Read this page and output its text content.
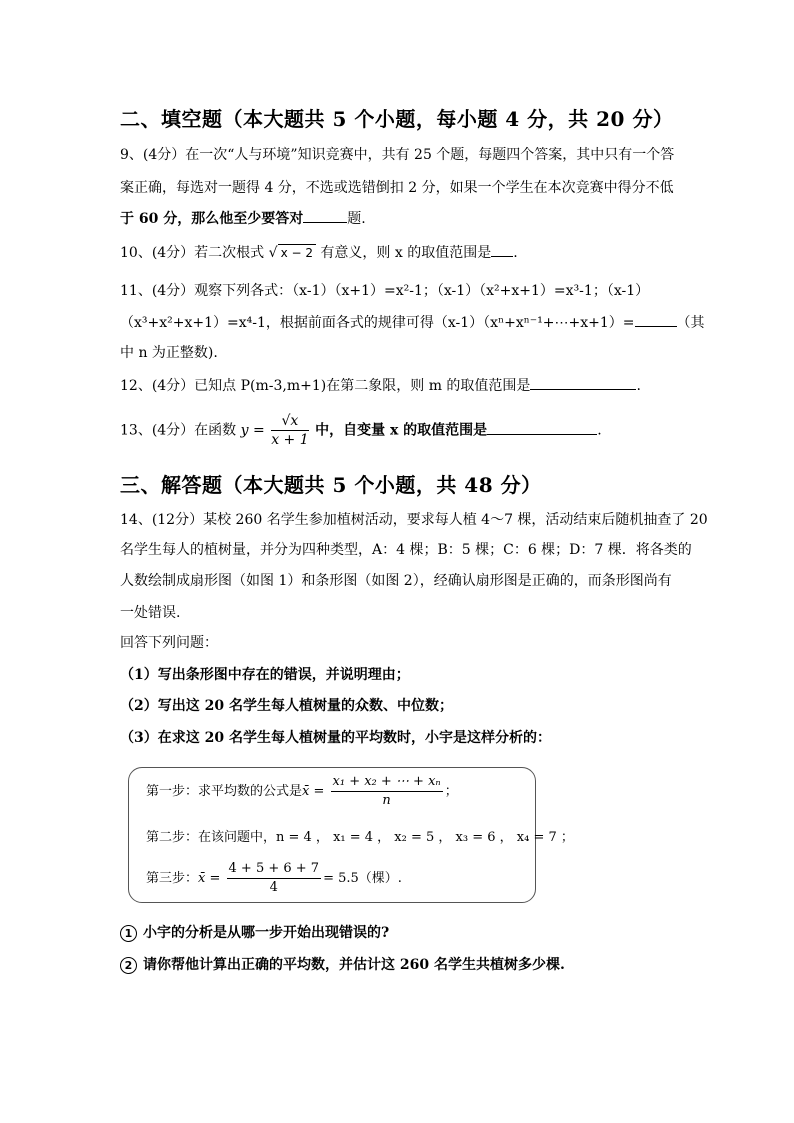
二、填空题（本大题共 5 个小题，每小题 4 分，共 20 分）
9、(4分）在一次“人与环境”知识竞赛中，共有 25 个题，每题四个答案，其中只有一个答
案正确，每选对一题得 4 分，不选或选错倒扣 2 分，如果一个学生在本次竞赛中得分不低
于 60 分，那么他至少要答对	题.
10、(4分）若二次根式 √ x − 2 有意义，则 x 的取值范围是 .
11、(4分）观察下列各式：（x-1）（x+1）=x²-1；（x-1）（x²+x+1）=x³-1；（x-1）
（x³+x²+x+1）=x⁴-1，根据前面各式的规律可得（x-1）（xⁿ+xⁿ⁻¹+⋯+x+1）=	（其
中 n 为正整数).
12、(4分）已知点 P(m-3,m+1)在第二象限，则 m 的取值范围是	.
13、(4分）在函数 $y = \frac{√x}{x + 1}$ 中，自变量 x 的取值范围是	.
三、解答题（本大题共 5 个小题，共 48 分）
14、(12分）某校 260 名学生参加植树活动，要求每人植 4～7 棵，活动结束后随机抽查了 20
名学生每人的植树量，并分为四种类型，A：4 棵；B：5 棵；C：6 棵；D：7 棵．将各类的
人数绘制成扇形图（如图 1）和条形图（如图 2），经确认扇形图是正确的，而条形图尚有
一处错误.
回答下列问题：
（1）写出条形图中存在的错误，并说明理由；
（2）写出这 20 名学生每人植树量的众数、中位数；
（3）在求这 20 名学生每人植树量的平均数时，小宇是这样分析的：
第一步：求平均数的公式是x̄ = $\frac{\text{x₁ + x₂ + ⋯ + xₙ}}{n}$ ；
第二步：在该问题中，n = 4 ， x₁ = 4 ， x₂ = 5 ， x₃ = 6 ， x₄ = 7 ；
第三步：x̄ = $\frac{4 + 5 + 6 + 7}{4} = 5.5$（棵）.
1 小宇的分析是从哪一步开始出现错误的?
2 请你帮他计算出正确的平均数，并估计这 260 名学生共植树多少棵.
